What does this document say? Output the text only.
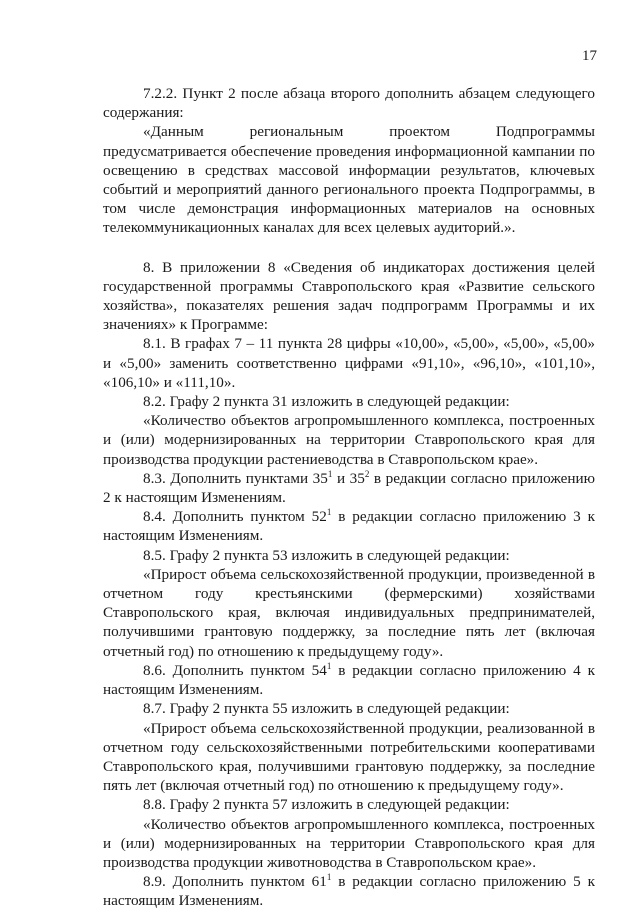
17

7.2.2. Пункт 2 после абзаца второго дополнить абзацем следующего содержания:

«Данным региональным проектом Подпрограммы предусматривается обеспечение проведения информационной кампании по освещению в средствах массовой информации результатов, ключевых событий и мероприятий данного регионального проекта Подпрограммы, в том числе демонстрация информационных материалов на основных телекоммуникационных каналах для всех целевых аудиторий.».

8. В приложении 8 «Сведения об индикаторах достижения целей государственной программы Ставропольского края «Развитие сельского хозяйства», показателях решения задач подпрограмм Программы и их значениях» к Программе:

8.1. В графах 7 – 11 пункта 28 цифры «10,00», «5,00», «5,00», «5,00» и «5,00» заменить соответственно цифрами «91,10», «96,10», «101,10», «106,10» и «111,10».

8.2. Графу 2 пункта 31 изложить в следующей редакции:

«Количество объектов агропромышленного комплекса, построенных и (или) модернизированных на территории Ставропольского края для производства продукции растениеводства в Ставропольском крае».

8.3. Дополнить пунктами $35^1$ и $35^2$ в редакции согласно приложению 2 к настоящим Изменениям.

8.4. Дополнить пунктом $52^1$ в редакции согласно приложению 3 к настоящим Изменениям.

8.5. Графу 2 пункта 53 изложить в следующей редакции:

«Прирост объема сельскохозяйственной продукции, произведенной в отчетном году крестьянскими (фермерскими) хозяйствами Ставропольского края, включая индивидуальных предпринимателей, получившими грантовую поддержку, за последние пять лет (включая отчетный год) по отношению к предыдущему году».

8.6. Дополнить пунктом $54^1$ в редакции согласно приложению 4 к настоящим Изменениям.

8.7. Графу 2 пункта 55 изложить в следующей редакции:

«Прирост объема сельскохозяйственной продукции, реализованной в отчетном году сельскохозяйственными потребительскими кооперативами Ставропольского края, получившими грантовую поддержку, за последние пять лет (включая отчетный год) по отношению к предыдущему году».

8.8. Графу 2 пункта 57 изложить в следующей редакции:

«Количество объектов агропромышленного комплекса, построенных и (или) модернизированных на территории Ставропольского края для производства продукции животноводства в Ставропольском крае».

8.9. Дополнить пунктом $61^1$ в редакции согласно приложению 5 к настоящим Изменениям.
